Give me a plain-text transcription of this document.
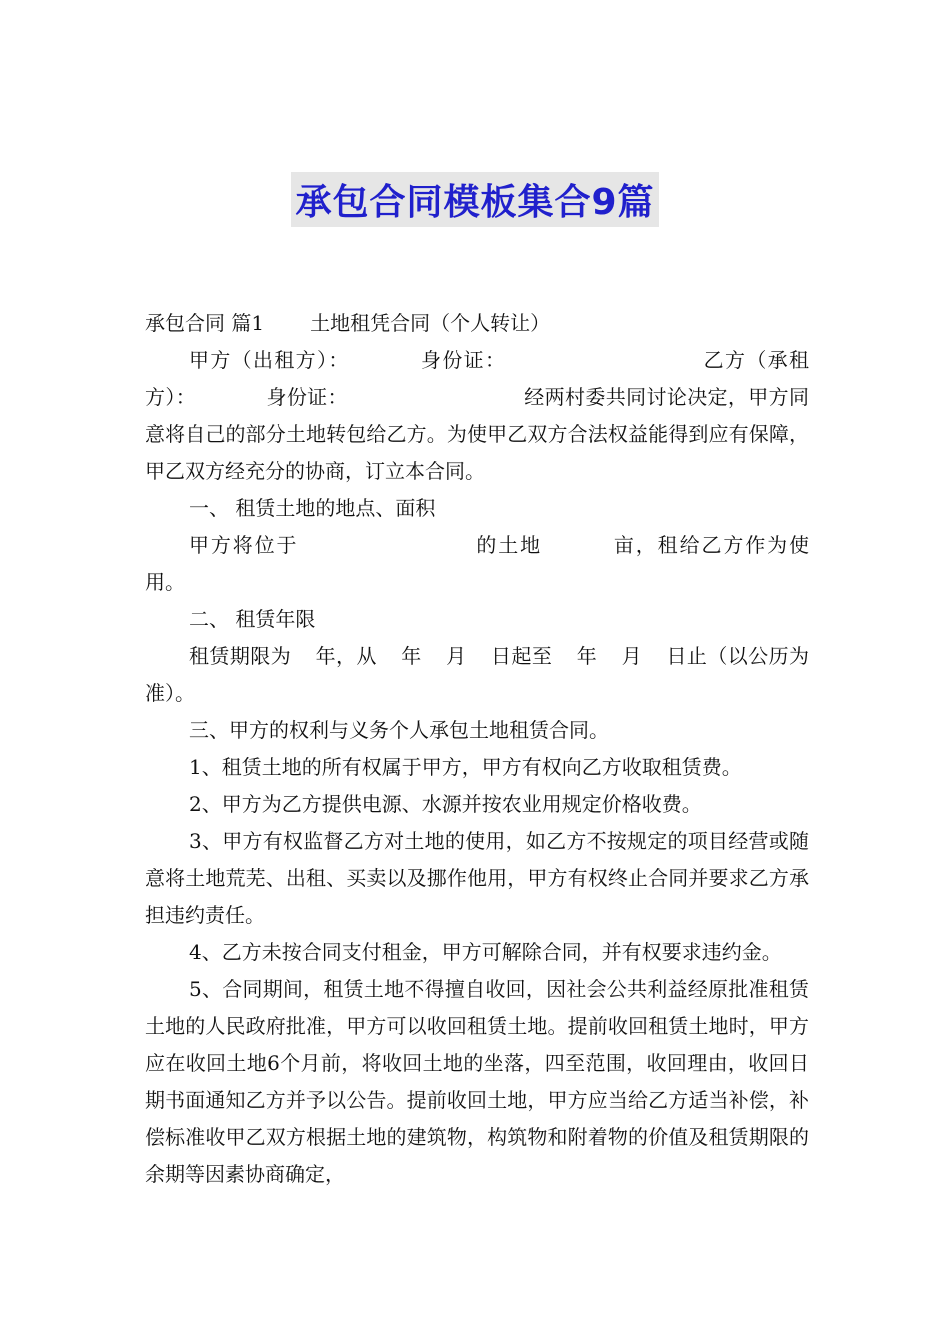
承包合同模板集合9篇

承包合同 篇1 土地租凭合同（个人转让）

甲方（出租方）：	身份证：	乙方（承租方）：	身份证：	经两村委共同讨论决定，甲方同意将自己的部分土地转包给乙方。为使甲乙双方合法权益能得到应有保障，甲乙双方经充分的协商，订立本合同。

一、 租赁土地的地点、面积

甲方将位于	的土地	亩，租给乙方作为使用。

二、 租赁年限

租赁期限为 年，从 年 月 日起至 年 月 日止（以公历为准）。

三、甲方的权利与义务个人承包土地租赁合同。

1、租赁土地的所有权属于甲方，甲方有权向乙方收取租赁费。

2、甲方为乙方提供电源、水源并按农业用规定价格收费。

3、甲方有权监督乙方对土地的使用，如乙方不按规定的项目经营或随意将土地荒芜、出租、买卖以及挪作他用，甲方有权终止合同并要求乙方承担违约责任。

4、乙方未按合同支付租金，甲方可解除合同，并有权要求违约金。

5、合同期间，租赁土地不得擅自收回，因社会公共利益经原批准租赁土地的人民政府批准，甲方可以收回租赁土地。提前收回租赁土地时，甲方应在收回土地6个月前，将收回土地的坐落，四至范围，收回理由，收回日期书面通知乙方并予以公告。提前收回土地，甲方应当给乙方适当补偿，补偿标准收甲乙双方根据土地的建筑物，构筑物和附着物的价值及租赁期限的余期等因素协商确定，
